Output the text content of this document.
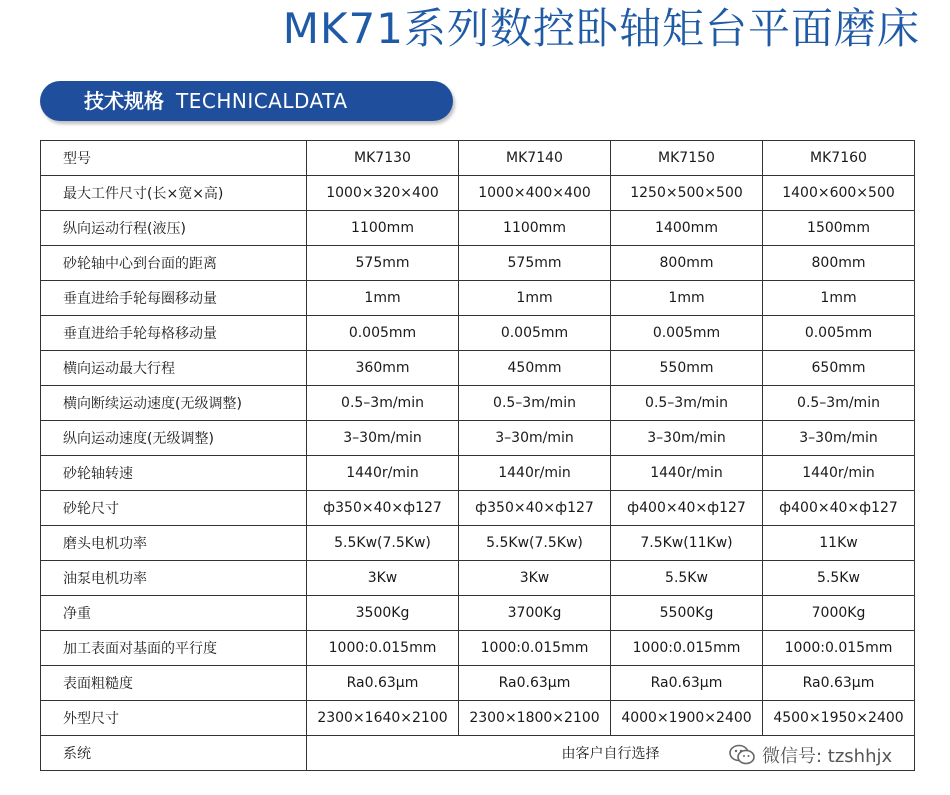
MK71系列数控卧轴矩台平面磨床
技术规格 TECHNICALDATA
型号	MK7130	MK7140	MK7150	MK7160
最大工件尺寸(长×宽×高)	1000×320×400	1000×400×400	1250×500×500	1400×600×500
纵向运动行程(液压)	1100mm	1100mm	1400mm	1500mm
砂轮轴中心到台面的距离	575mm	575mm	800mm	800mm
垂直进给手轮每圈移动量	1mm	1mm	1mm	1mm
垂直进给手轮每格移动量	0.005mm	0.005mm	0.005mm	0.005mm
横向运动最大行程	360mm	450mm	550mm	650mm
横向断续运动速度(无级调整)	0.5–3m/min	0.5–3m/min	0.5–3m/min	0.5–3m/min
纵向运动速度(无级调整)	3–30m/min	3–30m/min	3–30m/min	3–30m/min
砂轮轴转速	1440r/min	1440r/min	1440r/min	1440r/min
砂轮尺寸	ф350×40×ф127	ф350×40×ф127	ф400×40×ф127	ф400×40×ф127
磨头电机功率	5.5Kw(7.5Kw)	5.5Kw(7.5Kw)	7.5Kw(11Kw)	11Kw
油泵电机功率	3Kw	3Kw	5.5Kw	5.5Kw
净重	3500Kg	3700Kg	5500Kg	7000Kg
加工表面对基面的平行度	1000:0.015mm	1000:0.015mm	1000:0.015mm	1000:0.015mm
表面粗糙度	Ra0.63μm	Ra0.63μm	Ra0.63μm	Ra0.63μm
外型尺寸	2300×1640×2100	2300×1800×2100	4000×1900×2400	4500×1950×2400
系统	由客户自行选择				微信号: tzshhjx
